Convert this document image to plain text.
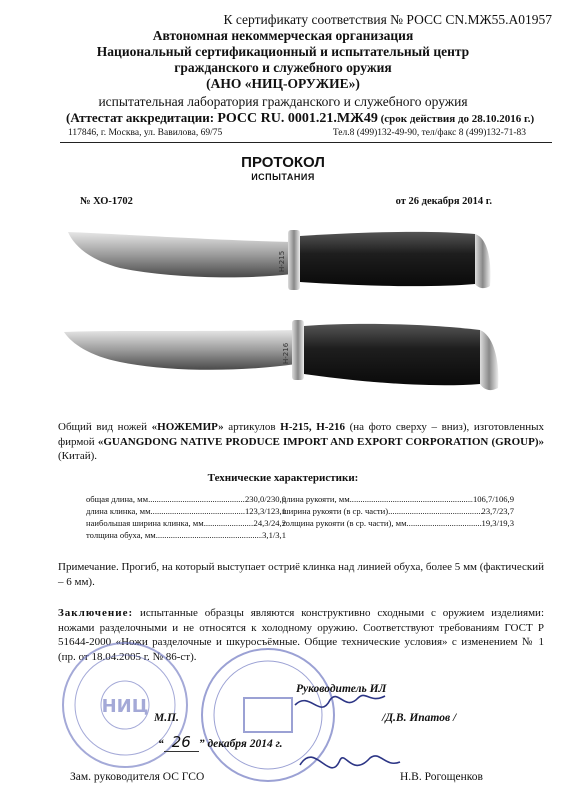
К сертификату соответствия № РОСС CN.МЖ55.А01957
Автономная некоммерческая организация
Национальный сертификационный и испытательный центр
гражданского и служебного оружия
(АНО «НИЦ-ОРУЖИЕ»)
испытательная лаборатория гражданского и служебного оружия
(Аттестат аккредитации: РОСС RU. 0001.21.МЖ49 (срок действия до 28.10.2016 г.)
117846, г. Москва, ул. Вавилова, 69/75	Тел.8 (499)132-49-90, тел/факс 8 (499)132-71-83
ПРОТОКОЛ
ИСПЫТАНИЯ
№ ХО-1702	от 26 декабря 2014 г.
H-215
H-216
Общий вид ножей «НОЖЕМИР» артикулов Н-215, Н-216 (на фото сверху – вниз), изготовленных фирмой «GUANGDONG NATIVE PRODUCE IMPORT AND EXPORT CORPORATION (GROUP)» (Китай).
Технические характеристики:
общая длина, мм .....	230,0/230,0
длина клинка, мм .....	123,3/123,1
наибольшая ширина клинка, мм .....	24,3/24,2
толщина обуха, мм .....	3,1/3,1
длина рукояти, мм .....	106,7/106,9
ширина рукояти (в ср. части) .....	23,7/23,7
толщина рукояти (в ср. части), мм .....	19,3/19,3
Примечание. Прогиб, на который выступает остриё клинка над линией обуха, более 5 мм (фактический – 6 мм).
Заключение: испытанные образцы являются конструктивно сходными с оружием изделиями: ножами разделочными и не относятся к холодному оружию. Соответствуют требованиям ГОСТ Р 51644-2000 «Ножи разделочные и шкуросъёмные. Общие технические условия» с изменением № 1 (пр. от 18.04.2005 г. № 86-ст).
НИЦ
Руководитель ИЛ
М.П.	/Д.В. Ипатов /
“ 26 ” декабря 2014 г.
Зам. руководителя ОС ГСО	Н.В. Рогощенков
